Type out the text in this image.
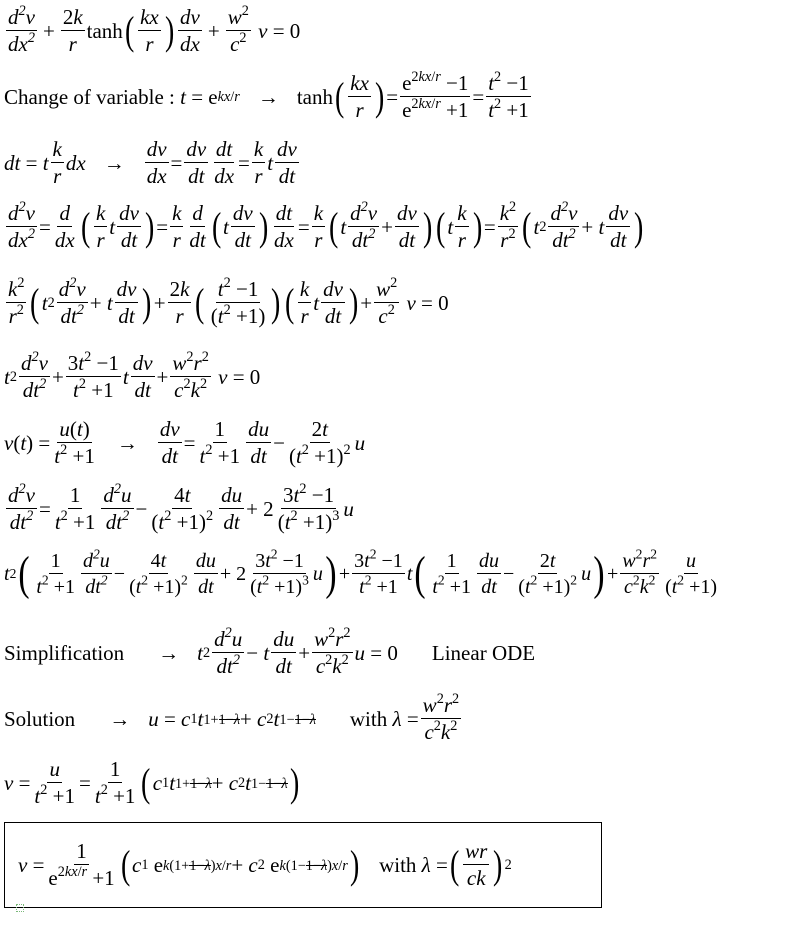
$\frac{d^2v}{dx^2} + \frac{2k}{r}$ tanh ( $\frac{kx}{r}$ ) $\frac{dv}{dx} + \frac{w^2}{c^2}$ v = 0
Change of variable :
t = e kx/r → tanh ( $\frac{kx}{r}$ ) = $\frac{e^{2kx/r} -1}{e^{2kx/r} +1} = \frac{t^2 -1}{t^2 +1}$
dt = t $\frac{k}{r}$ dx → $\frac{dv}{dx} = \frac{dv}{dt} \frac{dt}{dx} = \frac{k}{r}$ t $\frac{dv}{dt}$
$\frac{d^2v}{dx^2} = \frac{d}{dx}$ ( $\frac{k}{r}$ t $\frac{dv}{dt}$ ) = $\frac{k}{r} \frac{d}{dt}$ ( t $\frac{dv}{dt}$ ) $\frac{dt}{dx} = \frac{k}{r}$ ( t $\frac{d^2v}{dt^2} + \frac{dv}{dt}$ ) ( t $\frac{k}{r}$ ) = $\frac{k^2}{r^2}$ ( t $2 \frac{d^2v}{dt^2} + t \frac{dv}{dt}$ )
$\frac{k^2}{r^2}$ ( t $2 \frac{d^2v}{dt^2} + t \frac{dv}{dt}$ ) + $\frac{2k}{r}$ ( $\frac{t^2 -1}{(t^2 +1)}$ ) ( $\frac{k}{r}$ t $\frac{dv}{dt}$ ) + $\frac{w^2}{c^2}$ v = 0
t $2 \frac{d^2v}{dt^2} + \frac{3t^2 -1}{t^2 +1}$ t $\frac{dv}{dt} + \frac{w^2r^2}{c^2k^2}$ v = 0
v ( t ) = $\frac{u(t)}{t^2 +1} \to \frac{dv}{dt} = \frac{1}{t^2 +1} \frac{du}{dt} - \frac{2t}{(t^2 +1)^2}$ u
$\frac{d^2v}{dt^2} = \frac{1}{t^2 +1} \frac{d^2u}{dt^2} - \frac{4t}{(t^2 +1)^2} \frac{du}{dt} + 2 \frac{3t^2 -1}{(t^2 +1)^3}$ u
t 2 ( $\frac{1}{t^2 +1} \frac{d^2u}{dt^2} - \frac{4t}{(t^2 +1)^2} \frac{du}{dt} + 2 \frac{3t^2 -1}{(t^2 +1)^3}$ u ) + $\frac{3t^2 -1}{t^2 +1}$ t ( $\frac{1}{t^2 +1} \frac{du}{dt} - \frac{2t}{(t^2 +1)^2}$ u ) + $\frac{w^2r^2}{c^2k^2} \frac{u}{(t^2 +1)}$
Simplification → t $2 \frac{d^2u}{dt^2} - t \frac{du}{dt} + \frac{w^2r^2}{c^2k^2}$ u = 0 Linear ODE
Solution → u = c 1 t 1+1−λ + c 2 t 1−1−λ with
$\lambda = \frac{w^2r^2}{c^2k^2}$
$v = \frac{u}{t^2 +1} = \frac{1}{t^2 +1}$ ( c 1 t 1+1−λ + c 2 t 1−1−λ )
$v = \frac{1}{e^{2kx/r} +1}$ ( c 1 e k(1+1−λ)x/r + c 2 e k(1−1−λ)x/r ) with
λ = ( $\frac{wr}{ck}$ ) 2
